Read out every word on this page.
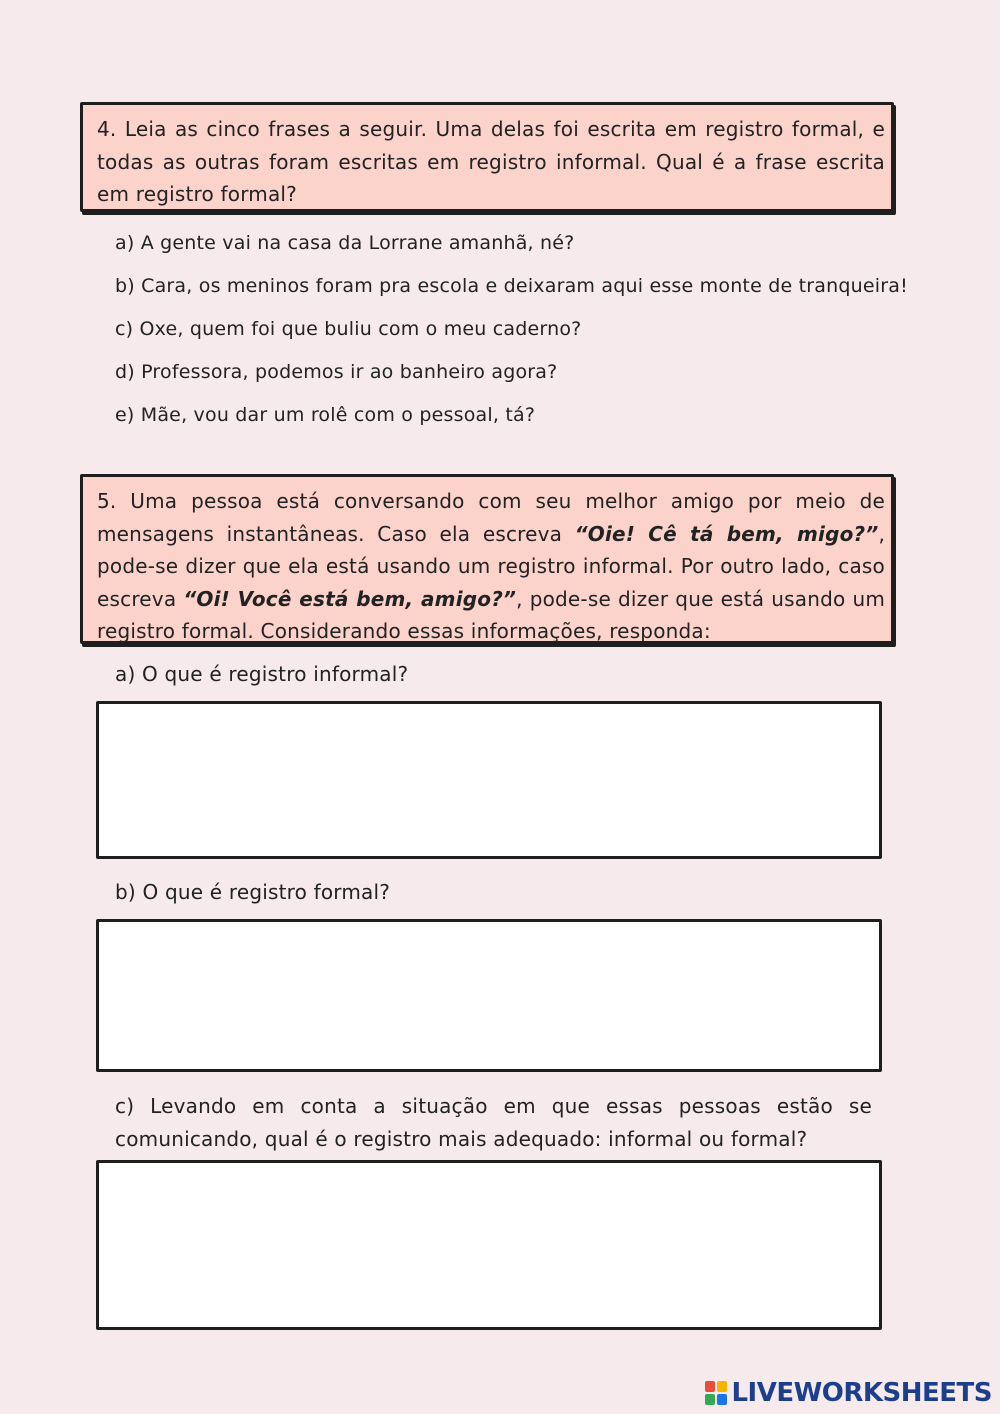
4. Leia as cinco frases a seguir. Uma delas foi escrita em registro formal, e todas as outras foram escritas em registro informal. Qual é a frase escrita em registro formal?
a) A gente vai na casa da Lorrane amanhã, né?
b) Cara, os meninos foram pra escola e deixaram aqui esse monte de tranqueira!
c) Oxe, quem foi que buliu com o meu caderno?
d) Professora, podemos ir ao banheiro agora?
e) Mãe, vou dar um rolê com o pessoal, tá?
5. Uma pessoa está conversando com seu melhor amigo por meio de mensagens instantâneas. Caso ela escreva “Oie! Cê tá bem, migo?”, pode-se dizer que ela está usando um registro informal. Por outro lado, caso escreva “Oi! Você está bem, amigo?”, pode-se dizer que está usando um registro formal. Considerando essas informações, responda:
a) O que é registro informal?
b) O que é registro formal?
c) Levando em conta a situação em que essas pessoas estão se comunicando, qual é o registro mais adequado: informal ou formal?
LIVEWORKSHEETS
